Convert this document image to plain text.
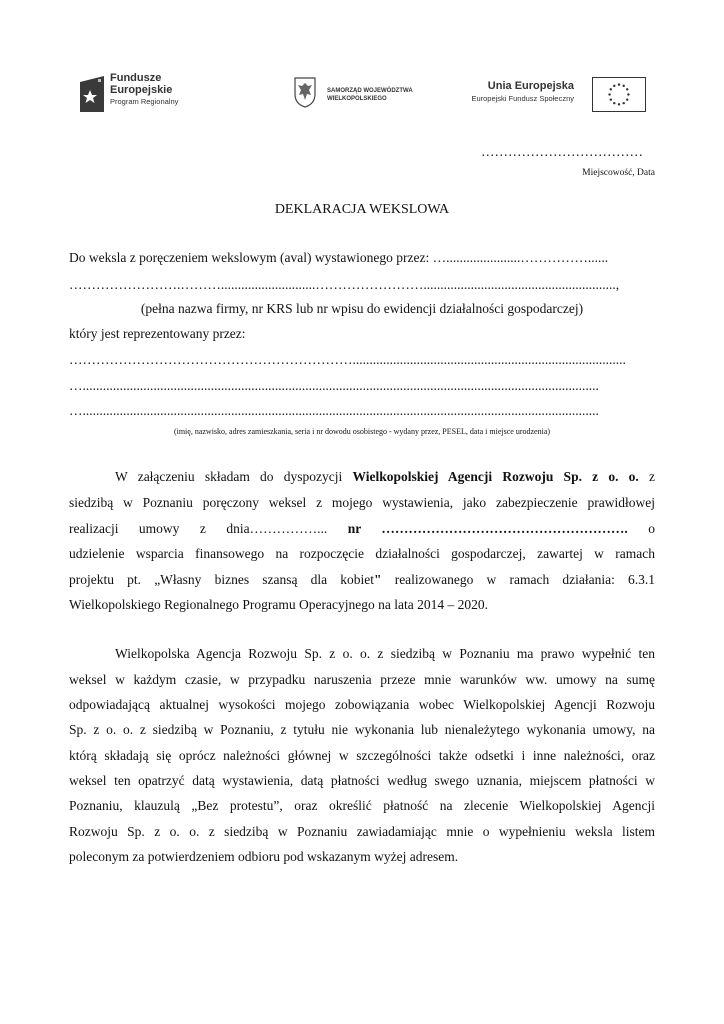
Fundusze
Europejskie
Program Regionalny
SAMORZĄD WOJEWÓDZTWA
WIELKOPOLSKIEGO
Unia Europejska
Europejski Fundusz Społeczny
………………………………
Miejscowość, Data
DEKLARACJA WEKSLOWA
Do weksla z poręczeniem wekslowym (aval) wystawionego przez: …......................……………......
…………………….………............................…………………….........................................................,
(pełna nazwa firmy, nr KRS lub nr wpisu do ewidencji działalności gospodarczej)
który jest reprezentowany przez:
……………………………………………………….................................................................................
….........................................................................................................................................................
….........................................................................................................................................................
(imię, nazwisko, adres zamieszkania, seria i nr dowodu osobistego - wydany przez, PESEL, data i miejsce urodzenia)
W załączeniu składam do dyspozycji Wielkopolskiej Agencji Rozwoju Sp. z o. o. z
siedzibą w Poznaniu poręczony weksel z mojego wystawienia, jako zabezpieczenie prawidłowej
realizacji umowy z dnia……………... nr ………………………………………………. o
udzielenie wsparcia finansowego na rozpoczęcie działalności gospodarczej, zawartej w ramach
projektu pt. „Własny biznes szansą dla kobiet" realizowanego w ramach działania: 6.3.1
Wielkopolskiego Regionalnego Programu Operacyjnego na lata 2014 – 2020.
Wielkopolska Agencja Rozwoju Sp. z o. o. z siedzibą w Poznaniu ma prawo wypełnić ten
weksel w każdym czasie, w przypadku naruszenia przeze mnie warunków ww. umowy na sumę
odpowiadającą aktualnej wysokości mojego zobowiązania wobec Wielkopolskiej Agencji Rozwoju
Sp. z o. o. z siedzibą w Poznaniu, z tytułu nie wykonania lub nienależytego wykonania umowy, na
którą składają się oprócz należności głównej w szczególności także odsetki i inne należności, oraz
weksel ten opatrzyć datą wystawienia, datą płatności według swego uznania, miejscem płatności w
Poznaniu, klauzulą „Bez protestu”, oraz określić płatność na zlecenie Wielkopolskiej Agencji
Rozwoju Sp. z o. o. z siedzibą w Poznaniu zawiadamiając mnie o wypełnieniu weksla listem
poleconym za potwierdzeniem odbioru pod wskazanym wyżej adresem.
